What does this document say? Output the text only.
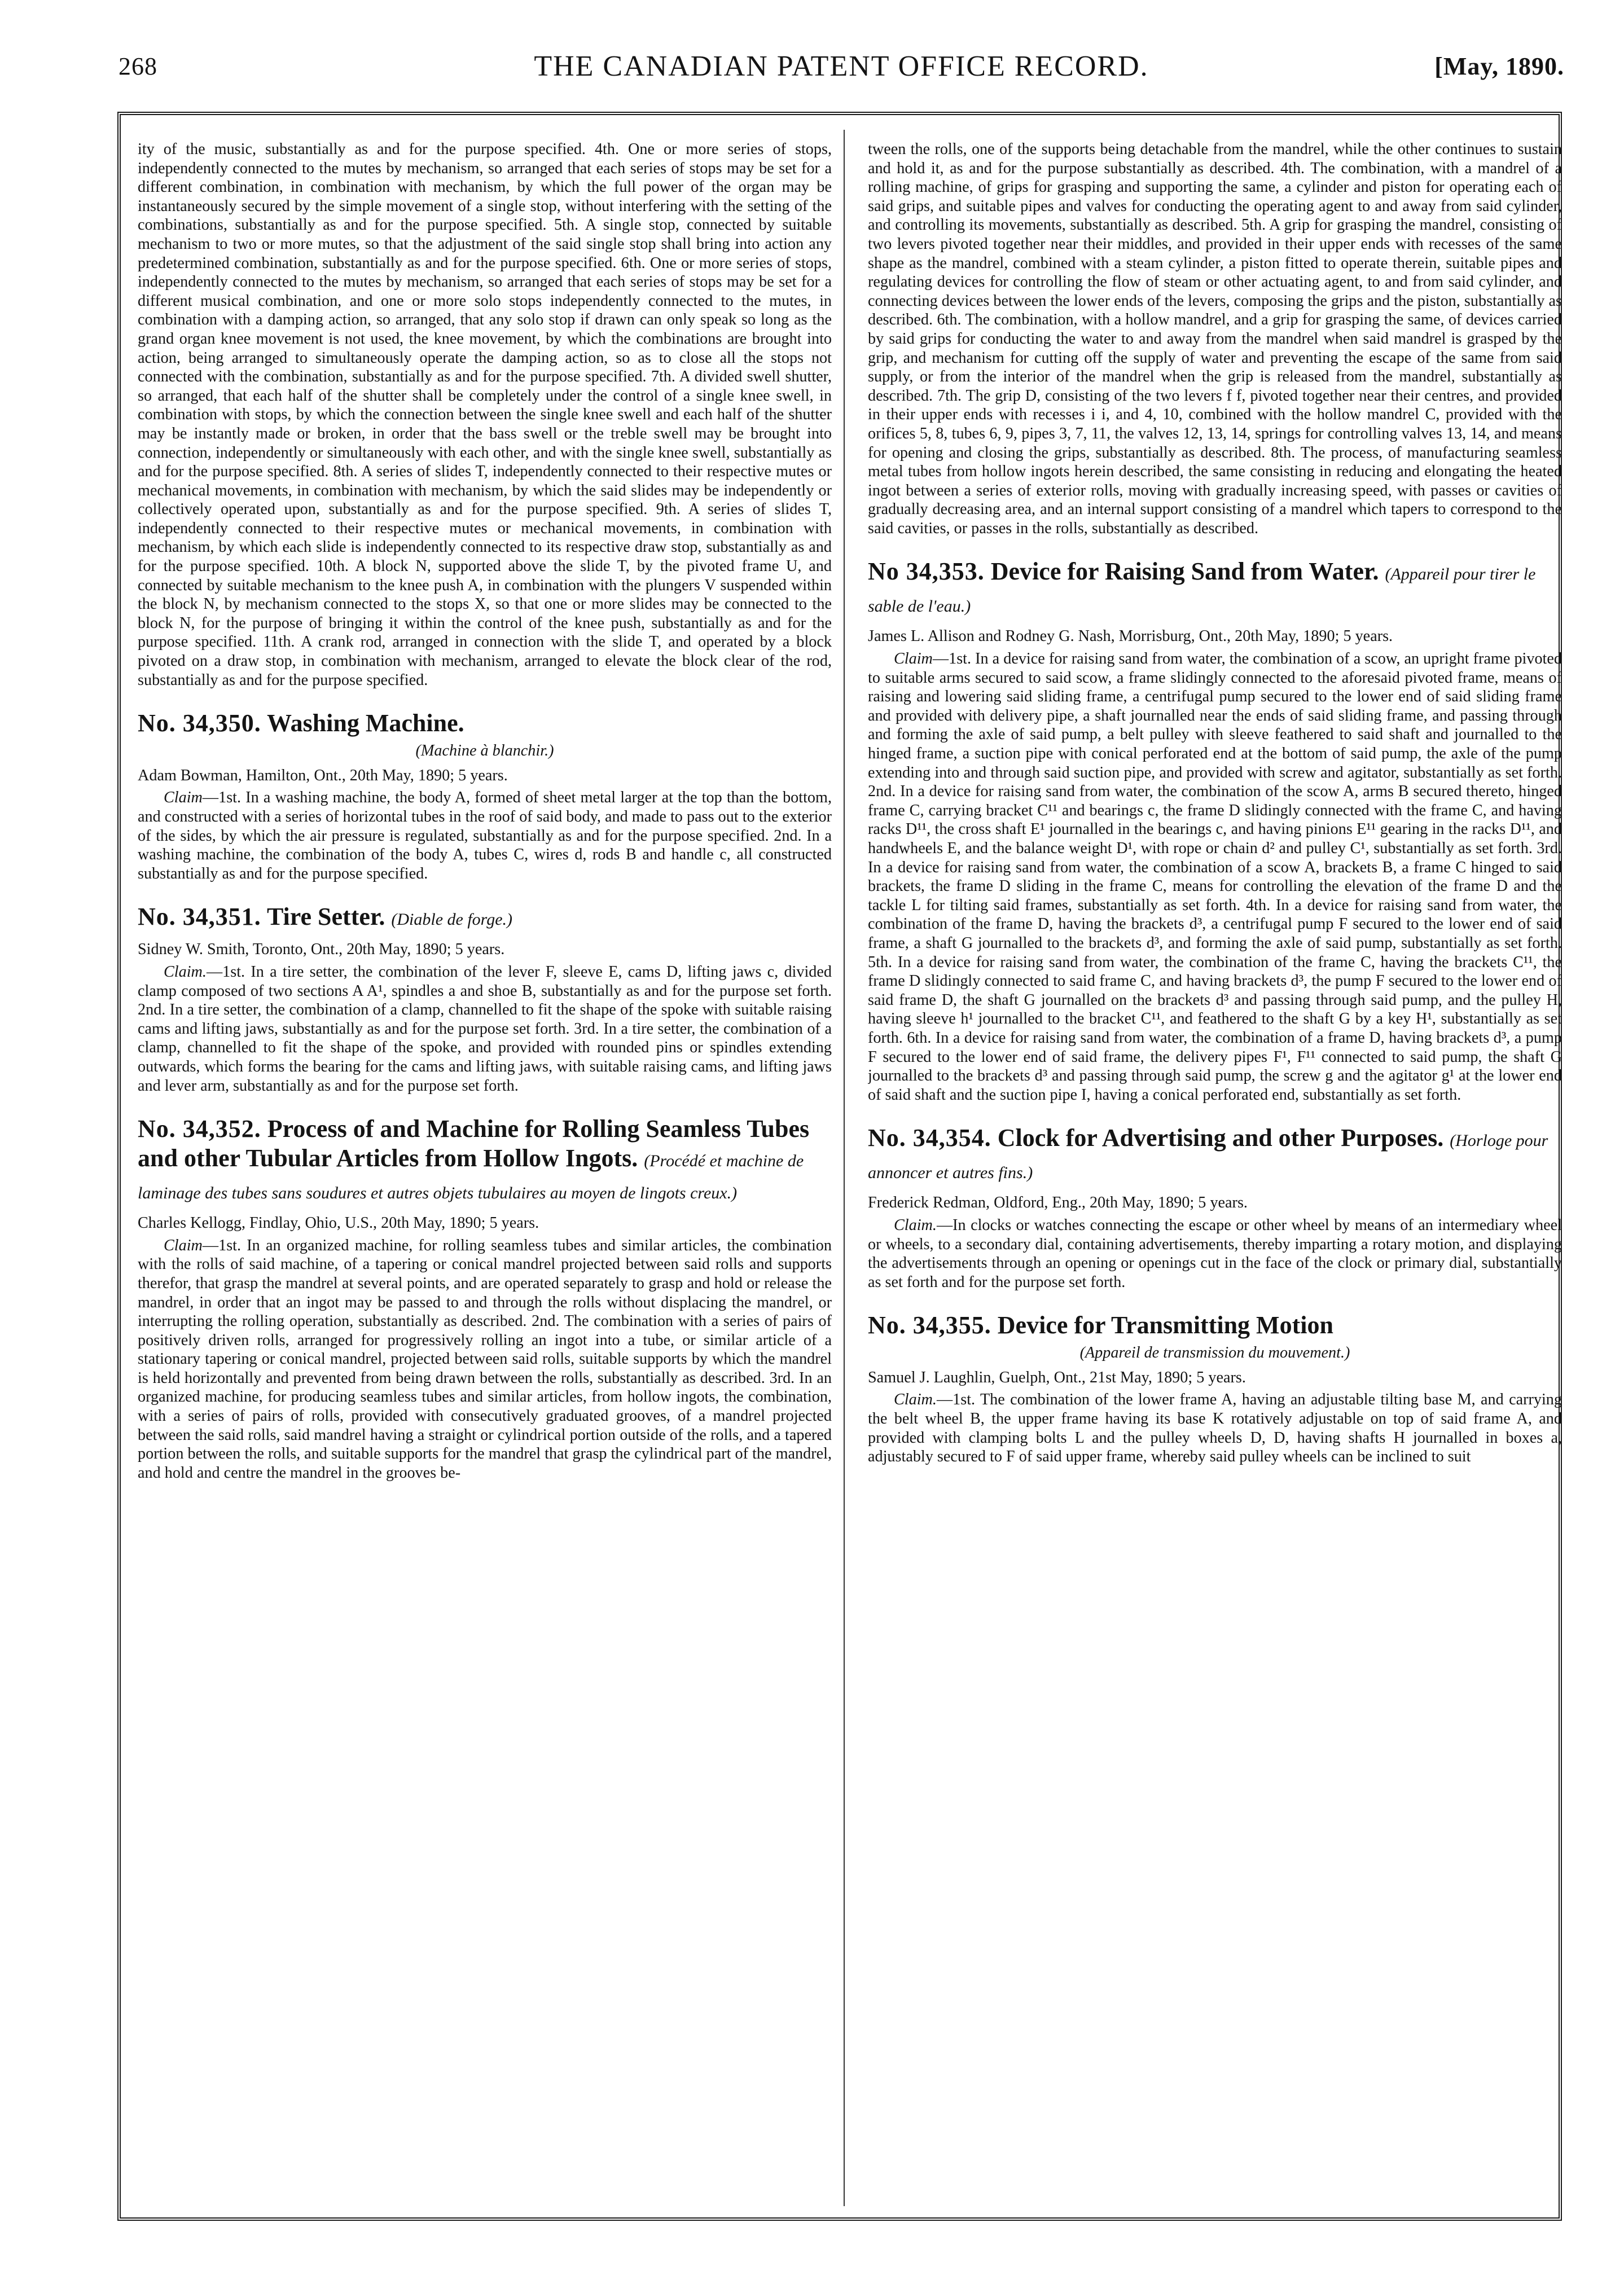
268	THE CANADIAN PATENT OFFICE RECORD.	[May, 1890.

ity of the music, substantially as and for the purpose specified. 4th. One or more series of stops, independently connected to the mutes by mechanism, so arranged that each series of stops may be set for a different combination, in combination with mechanism, by which the full power of the organ may be instantaneously secured by the simple movement of a single stop, without interfering with the setting of the combinations, substantially as and for the purpose specified. 5th. A single stop, connected by suitable mechanism to two or more mutes, so that the adjustment of the said single stop shall bring into action any predetermined combination, substantially as and for the purpose specified. 6th. One or more series of stops, independently connected to the mutes by mechanism, so arranged that each series of stops may be set for a different musical combination, and one or more solo stops independently connected to the mutes, in combination with a damping action, so arranged, that any solo stop if drawn can only speak so long as the grand organ knee movement is not used, the knee movement, by which the combinations are brought into action, being arranged to simultaneously operate the damping action, so as to close all the stops not connected with the combination, substantially as and for the purpose specified. 7th. A divided swell shutter, so arranged, that each half of the shutter shall be completely under the control of a single knee swell, in combination with stops, by which the connection between the single knee swell and each half of the shutter may be instantly made or broken, in order that the bass swell or the treble swell may be brought into connection, independently or simultaneously with each other, and with the single knee swell, substantially as and for the purpose specified. 8th. A series of slides T, independently connected to their respective mutes or mechanical movements, in combination with mechanism, by which the said slides may be independently or collectively operated upon, substantially as and for the purpose specified. 9th. A series of slides T, independently connected to their respective mutes or mechanical movements, in combination with mechanism, by which each slide is independently connected to its respective draw stop, substantially as and for the purpose specified. 10th. A block N, supported above the slide T, by the pivoted frame U, and connected by suitable mechanism to the knee push A, in combination with the plungers V suspended within the block N, by mechanism connected to the stops X, so that one or more slides may be connected to the block N, for the purpose of bringing it within the control of the knee push, substantially as and for the purpose specified. 11th. A crank rod, arranged in connection with the slide T, and operated by a block pivoted on a draw stop, in combination with mechanism, arranged to elevate the block clear of the rod, substantially as and for the purpose specified.

No. 34,350. Washing Machine.
(Machine à blanchir.)

Adam Bowman, Hamilton, Ont., 20th May, 1890; 5 years.

Claim—1st. In a washing machine, the body A, formed of sheet metal larger at the top than the bottom, and constructed with a series of horizontal tubes in the roof of said body, and made to pass out to the exterior of the sides, by which the air pressure is regulated, substantially as and for the purpose specified. 2nd. In a washing machine, the combination of the body A, tubes C, wires d, rods B and handle c, all constructed substantially as and for the purpose specified.

No. 34,351. Tire Setter. (Diable de forge.)

Sidney W. Smith, Toronto, Ont., 20th May, 1890; 5 years.

Claim.—1st. In a tire setter, the combination of the lever F, sleeve E, cams D, lifting jaws c, divided clamp composed of two sections A A¹, spindles a and shoe B, substantially as and for the purpose set forth. 2nd. In a tire setter, the combination of a clamp, channelled to fit the shape of the spoke with suitable raising cams and lifting jaws, substantially as and for the purpose set forth. 3rd. In a tire setter, the combination of a clamp, channelled to fit the shape of the spoke, and provided with rounded pins or spindles extending outwards, which forms the bearing for the cams and lifting jaws, with suitable raising cams, and lifting jaws and lever arm, substantially as and for the purpose set forth.

No. 34,352. Process of and Machine for Rolling Seamless Tubes and other Tubular Articles from Hollow Ingots. (Procédé et machine de laminage des tubes sans soudures et autres objets tubulaires au moyen de lingots creux.)

Charles Kellogg, Findlay, Ohio, U.S., 20th May, 1890; 5 years.

Claim—1st. In an organized machine, for rolling seamless tubes and similar articles, the combination with the rolls of said machine, of a tapering or conical mandrel projected between said rolls and supports therefor, that grasp the mandrel at several points, and are operated separately to grasp and hold or release the mandrel, in order that an ingot may be passed to and through the rolls without displacing the mandrel, or interrupting the rolling operation, substantially as described. 2nd. The combination with a series of pairs of positively driven rolls, arranged for progressively rolling an ingot into a tube, or similar article of a stationary tapering or conical mandrel, projected between said rolls, suitable supports by which the mandrel is held horizontally and prevented from being drawn between the rolls, substantially as described. 3rd. In an organized machine, for producing seamless tubes and similar articles, from hollow ingots, the combination, with a series of pairs of rolls, provided with consecutively graduated grooves, of a mandrel projected between the said rolls, said mandrel having a straight or cylindrical portion outside of the rolls, and a tapered portion between the rolls, and suitable supports for the mandrel that grasp the cylindrical part of the mandrel, and hold and centre the mandrel in the grooves be-

tween the rolls, one of the supports being detachable from the mandrel, while the other continues to sustain and hold it, as and for the purpose substantially as described. 4th. The combination, with a mandrel of a rolling machine, of grips for grasping and supporting the same, a cylinder and piston for operating each of said grips, and suitable pipes and valves for conducting the operating agent to and away from said cylinder, and controlling its movements, substantially as described. 5th. A grip for grasping the mandrel, consisting of two levers pivoted together near their middles, and provided in their upper ends with recesses of the same shape as the mandrel, combined with a steam cylinder, a piston fitted to operate therein, suitable pipes and regulating devices for controlling the flow of steam or other actuating agent, to and from said cylinder, and connecting devices between the lower ends of the levers, composing the grips and the piston, substantially as described. 6th. The combination, with a hollow mandrel, and a grip for grasping the same, of devices carried by said grips for conducting the water to and away from the mandrel when said mandrel is grasped by the grip, and mechanism for cutting off the supply of water and preventing the escape of the same from said supply, or from the interior of the mandrel when the grip is released from the mandrel, substantially as described. 7th. The grip D, consisting of the two levers f f, pivoted together near their centres, and provided in their upper ends with recesses i i, and 4, 10, combined with the hollow mandrel C, provided with the orifices 5, 8, tubes 6, 9, pipes 3, 7, 11, the valves 12, 13, 14, springs for controlling valves 13, 14, and means for opening and closing the grips, substantially as described. 8th. The process, of manufacturing seamless metal tubes from hollow ingots herein described, the same consisting in reducing and elongating the heated ingot between a series of exterior rolls, moving with gradually increasing speed, with passes or cavities of gradually decreasing area, and an internal support consisting of a mandrel which tapers to correspond to the said cavities, or passes in the rolls, substantially as described.

No 34,353. Device for Raising Sand from Water. (Appareil pour tirer le sable de l'eau.)

James L. Allison and Rodney G. Nash, Morrisburg, Ont., 20th May, 1890; 5 years.

Claim—1st. In a device for raising sand from water, the combination of a scow, an upright frame pivoted to suitable arms secured to said scow, a frame slidingly connected to the aforesaid pivoted frame, means of raising and lowering said sliding frame, a centrifugal pump secured to the lower end of said sliding frame and provided with delivery pipe, a shaft journalled near the ends of said sliding frame, and passing through and forming the axle of said pump, a belt pulley with sleeve feathered to said shaft and journalled to the hinged frame, a suction pipe with conical perforated end at the bottom of said pump, the axle of the pump extending into and through said suction pipe, and provided with screw and agitator, substantially as set forth. 2nd. In a device for raising sand from water, the combination of the scow A, arms B secured thereto, hinged frame C, carrying bracket C¹¹ and bearings c, the frame D slidingly connected with the frame C, and having racks D¹¹, the cross shaft E¹ journalled in the bearings c, and having pinions E¹¹ gearing in the racks D¹¹, and handwheels E, and the balance weight D¹, with rope or chain d² and pulley C¹, substantially as set forth. 3rd. In a device for raising sand from water, the combination of a scow A, brackets B, a frame C hinged to said brackets, the frame D sliding in the frame C, means for controlling the elevation of the frame D and the tackle L for tilting said frames, substantially as set forth. 4th. In a device for raising sand from water, the combination of the frame D, having the brackets d³, a centrifugal pump F secured to the lower end of said frame, a shaft G journalled to the brackets d³, and forming the axle of said pump, substantially as set forth. 5th. In a device for raising sand from water, the combination of the frame C, having the brackets C¹¹, the frame D slidingly connected to said frame C, and having brackets d³, the pump F secured to the lower end of said frame D, the shaft G journalled on the brackets d³ and passing through said pump, and the pulley H, having sleeve h¹ journalled to the bracket C¹¹, and feathered to the shaft G by a key H¹, substantially as set forth. 6th. In a device for raising sand from water, the combination of a frame D, having brackets d³, a pump F secured to the lower end of said frame, the delivery pipes F¹, F¹¹ connected to said pump, the shaft G journalled to the brackets d³ and passing through said pump, the screw g and the agitator g¹ at the lower end of said shaft and the suction pipe I, having a conical perforated end, substantially as set forth.

No. 34,354. Clock for Advertising and other Purposes. (Horloge pour annoncer et autres fins.)

Frederick Redman, Oldford, Eng., 20th May, 1890; 5 years.

Claim.—In clocks or watches connecting the escape or other wheel by means of an intermediary wheel or wheels, to a secondary dial, containing advertisements, thereby imparting a rotary motion, and displaying the advertisements through an opening or openings cut in the face of the clock or primary dial, substantially as set forth and for the purpose set forth.

No. 34,355. Device for Transmitting Motion
(Appareil de transmission du mouvement.)

Samuel J. Laughlin, Guelph, Ont., 21st May, 1890; 5 years.

Claim.—1st. The combination of the lower frame A, having an adjustable tilting base M, and carrying the belt wheel B, the upper frame having its base K rotatively adjustable on top of said frame A, and provided with clamping bolts L and the pulley wheels D, D, having shafts H journalled in boxes a, adjustably secured to F of said upper frame, whereby said pulley wheels can be inclined to suit
